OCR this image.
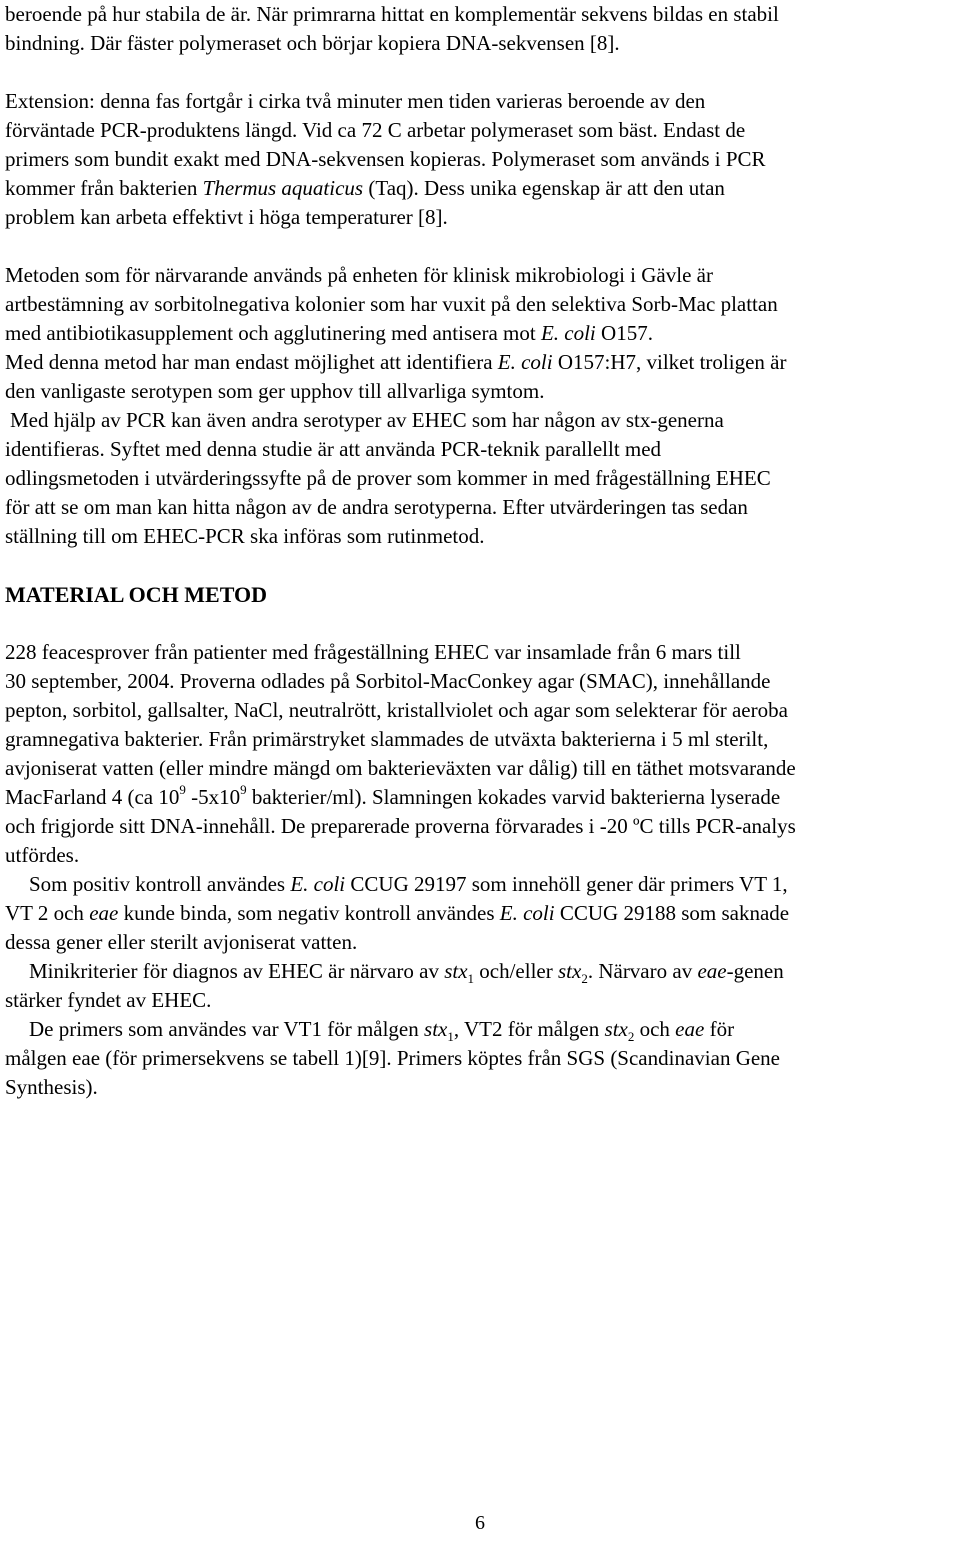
beroende på hur stabila de är. När primrarna hittat en komplementär sekvens bildas en stabil
bindning. Där fäster polymeraset och börjar kopiera DNA-sekvensen [8].
Extension: denna fas fortgår i cirka två minuter men tiden varieras beroende av den
förväntade PCR-produktens längd. Vid ca 72 C arbetar polymeraset som bäst. Endast de
primers som bundit exakt med DNA-sekvensen kopieras. Polymeraset som används i PCR
kommer från bakterien Thermus aquaticus (Taq). Dess unika egenskap är att den utan
problem kan arbeta effektivt i höga temperaturer [8].
Metoden som för närvarande används på enheten för klinisk mikrobiologi i Gävle är
artbestämning av sorbitolnegativa kolonier som har vuxit på den selektiva Sorb-Mac plattan
med antibiotikasupplement och agglutinering med antisera mot E. coli O157.
Med denna metod har man endast möjlighet att identifiera E. coli O157:H7, vilket troligen är
den vanligaste serotypen som ger upphov till allvarliga symtom.
Med hjälp av PCR kan även andra serotyper av EHEC som har någon av stx-generna
identifieras. Syftet med denna studie är att använda PCR-teknik parallellt med
odlingsmetoden i utvärderingssyfte på de prover som kommer in med frågeställning EHEC
för att se om man kan hitta någon av de andra serotyperna. Efter utvärderingen tas sedan
ställning till om EHEC-PCR ska införas som rutinmetod.
MATERIAL OCH METOD
228 feacesprover från patienter med frågeställning EHEC var insamlade från 6 mars till
30 september, 2004. Proverna odlades på Sorbitol-MacConkey agar (SMAC), innehållande
pepton, sorbitol, gallsalter, NaCl, neutralrött, kristallviolet och agar som selekterar för aeroba
gramnegativa bakterier. Från primärstryket slammades de utväxta bakterierna i 5 ml sterilt,
avjoniserat vatten (eller mindre mängd om bakterieväxten var dålig) till en täthet motsvarande
MacFarland 4 (ca $10^9$ $-5x10^9$ bakterier/ml). Slamningen kokades varvid bakterierna lyserade
och frigjorde sitt DNA-innehåll. De preparerade proverna förvarades i -20 ºC tills PCR-analys
utfördes.
Som positiv kontroll användes E. coli CCUG 29197 som innehöll gener där primers VT 1,
VT 2 och eae kunde binda, som negativ kontroll användes E. coli CCUG 29188 som saknade
dessa gener eller sterilt avjoniserat vatten.
Minikriterier för diagnos av EHEC är närvaro av stx$_1$ och/eller stx$_2$. Närvaro av eae-genen
stärker fyndet av EHEC.
De primers som användes var VT1 för målgen stx$_1$, VT2 för målgen stx$_2$ och eae för
målgen eae (för primersekvens se tabell 1)[9]. Primers köptes från SGS (Scandinavian Gene
Synthesis).
6
